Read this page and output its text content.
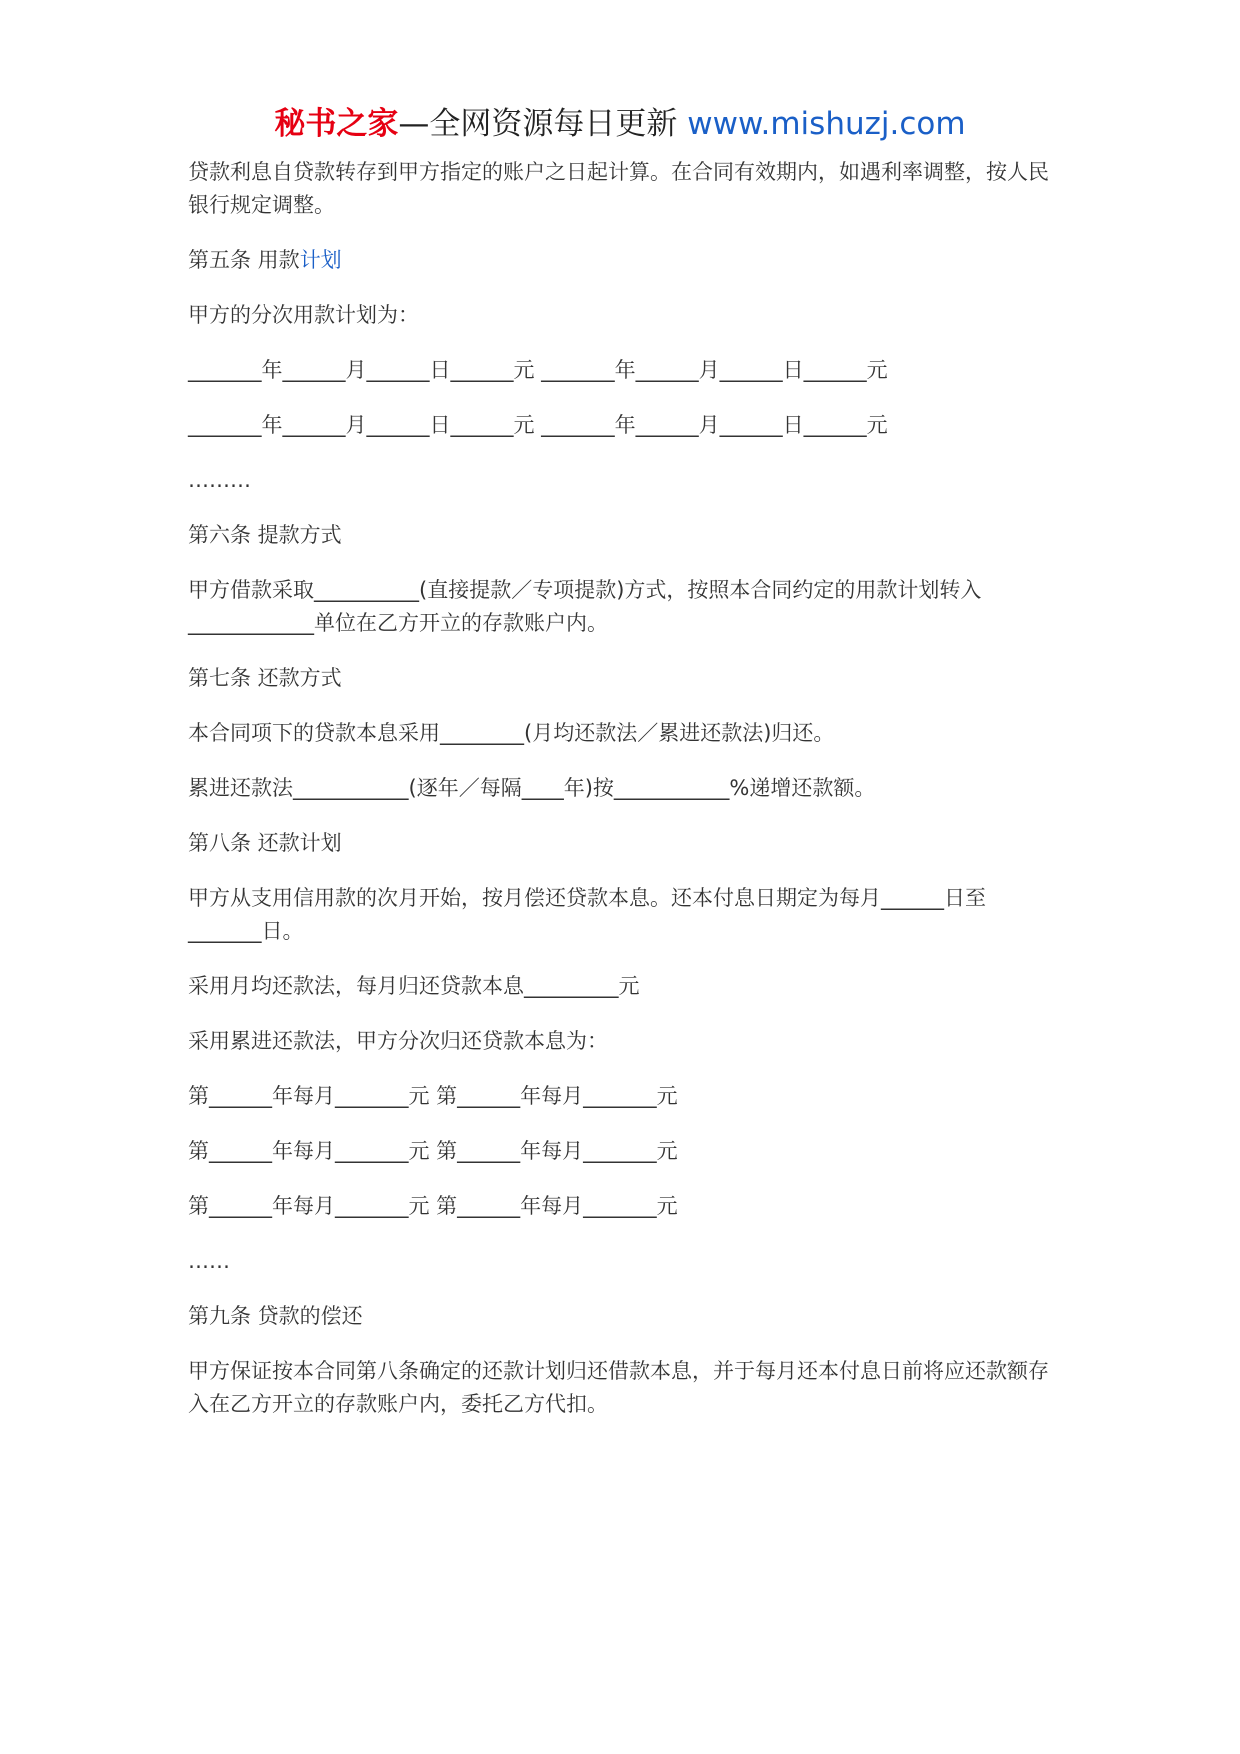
秘书之家—全网资源每日更新 www.mishuzj.com

贷款利息自贷款转存到甲方指定的账户之日起计算。在合同有效期内，如遇利率调整，按人民银行规定调整。

第五条 用款计划

甲方的分次用款计划为：

_______年______月______日______元 _______年______月______日______元

_______年______月______日______元 _______年______月______日______元

………

第六条 提款方式

甲方借款采取__________(直接提款／专项提款)方式，按照本合同约定的用款计划转入____________单位在乙方开立的存款账户内。

第七条 还款方式

本合同项下的贷款本息采用________(月均还款法／累进还款法)归还。

累进还款法___________(逐年／每隔____年)按___________%递增还款额。

第八条 还款计划

甲方从支用信用款的次月开始，按月偿还贷款本息。还本付息日期定为每月______日至_______日。

采用月均还款法，每月归还贷款本息_________元

采用累进还款法，甲方分次归还贷款本息为：

第______年每月_______元 第______年每月_______元

第______年每月_______元 第______年每月_______元

第______年每月_______元 第______年每月_______元

……

第九条 贷款的偿还

甲方保证按本合同第八条确定的还款计划归还借款本息，并于每月还本付息日前将应还款额存入在乙方开立的存款账户内，委托乙方代扣。
